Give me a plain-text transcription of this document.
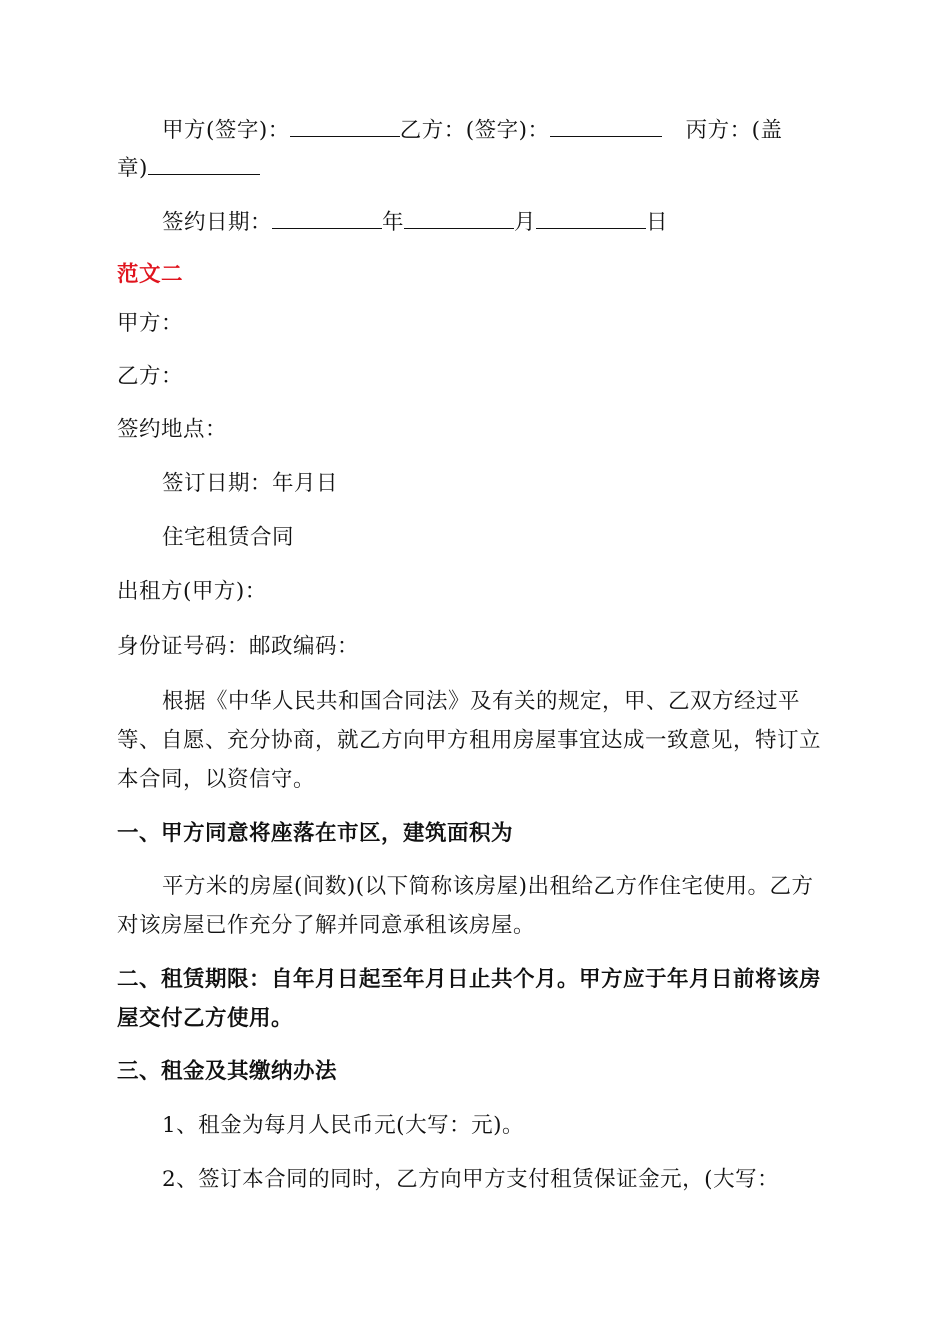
甲方(签字)：	乙方：(签字)：	丙方：(盖
章)
签约日期：	年	月	日
范文二
甲方：
乙方：
签约地点：
签订日期：年月日
住宅租赁合同
出租方(甲方)：
身份证号码：邮政编码：
根据《中华人民共和国合同法》及有关的规定，甲、乙双方经过平
等、自愿、充分协商，就乙方向甲方租用房屋事宜达成一致意见，特订立
本合同，以资信守。
一、甲方同意将座落在市区，建筑面积为
平方米的房屋(间数)(以下简称该房屋)出租给乙方作住宅使用。乙方
对该房屋已作充分了解并同意承租该房屋。
二、租赁期限：自年月日起至年月日止共个月。甲方应于年月日前将该房
屋交付乙方使用。
三、租金及其缴纳办法
1、租金为每月人民币元(大写：元)。
2、签订本合同的同时，乙方向甲方支付租赁保证金元，(大写：
